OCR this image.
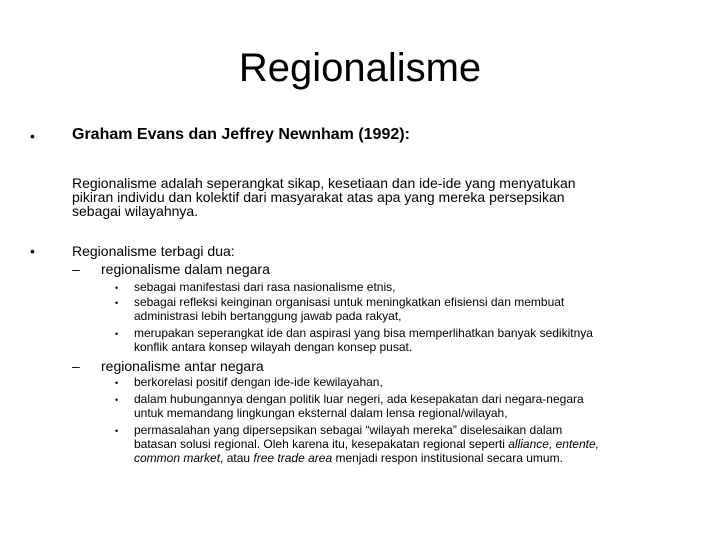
Regionalisme
• Graham Evans dan Jeffrey Newnham (1992):
Regionalisme adalah seperangkat sikap, kesetiaan dan ide-ide yang menyatukan
pikiran individu dan kolektif dari masyarakat atas apa yang mereka persepsikan
sebagai wilayahnya.
•	Regionalisme terbagi dua:
– regionalisme dalam negara
• sebagai manifestasi dari rasa nasionalisme etnis,
• sebagai refleksi keinginan organisasi untuk meningkatkan efisiensi dan membuat
administrasi lebih bertanggung jawab pada rakyat,
• merupakan seperangkat ide dan aspirasi yang bisa memperlihatkan banyak sedikitnya
konflik antara konsep wilayah dengan konsep pusat.
– regionalisme antar negara
• berkorelasi positif dengan ide-ide kewilayahan,
• dalam hubungannya dengan politik luar negeri, ada kesepakatan dari negara-negara
untuk memandang lingkungan eksternal dalam lensa regional/wilayah,
• permasalahan yang dipersepsikan sebagai “wilayah mereka” diselesaikan dalam
batasan solusi regional. Oleh karena itu, kesepakatan regional seperti alliance, entente,
common market, atau free trade area menjadi respon institusional secara umum.
